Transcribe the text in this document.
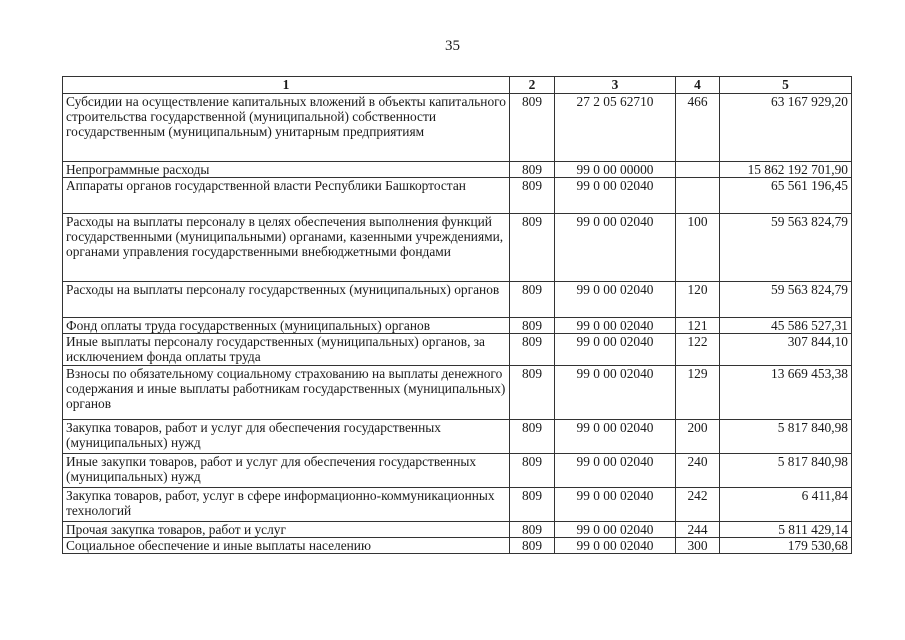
35
1	2	3	4	5
Субсидии на осуществление капитальных вложений в объекты капитального строительства государственной (муниципальной) собственности государственным (муниципальным) унитарным предприятиям	809	27 2 05 62710	466	63 167 929,20
Непрограммные расходы	809	99 0 00 00000		15 862 192 701,90
Аппараты органов государственной власти Республики Башкортостан	809	99 0 00 02040		65 561 196,45
Расходы на выплаты персоналу в целях обеспечения выполнения функций государственными (муниципальными) органами, казенными учреждениями, органами управления государственными внебюджетными фондами	809	99 0 00 02040	100	59 563 824,79
Расходы на выплаты персоналу государственных (муниципальных) органов	809	99 0 00 02040	120	59 563 824,79
Фонд оплаты труда государственных (муниципальных) органов	809	99 0 00 02040	121	45 586 527,31
Иные выплаты персоналу государственных (муниципальных) органов, за исключением фонда оплаты труда	809	99 0 00 02040	122	307 844,10
Взносы по обязательному социальному страхованию на выплаты денежного содержания и иные выплаты работникам государственных (муниципальных) органов	809	99 0 00 02040	129	13 669 453,38
Закупка товаров, работ и услуг для обеспечения государственных (муниципальных) нужд	809	99 0 00 02040	200	5 817 840,98
Иные закупки товаров, работ и услуг для обеспечения государственных (муниципальных) нужд	809	99 0 00 02040	240	5 817 840,98
Закупка товаров, работ, услуг в сфере информационно-коммуникационных технологий	809	99 0 00 02040	242	6 411,84
Прочая закупка товаров, работ и услуг	809	99 0 00 02040	244	5 811 429,14
Социальное обеспечение и иные выплаты населению	809	99 0 00 02040	300	179 530,68
